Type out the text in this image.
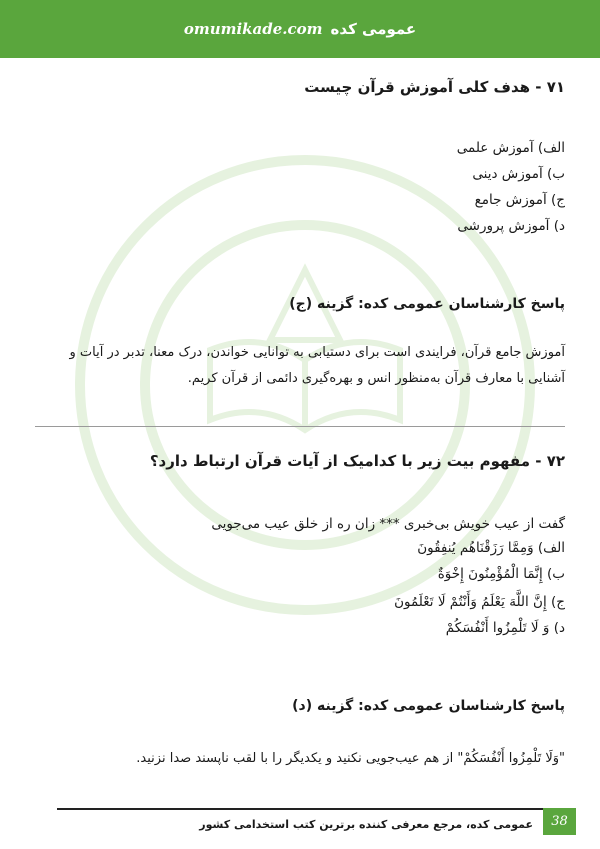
omumikade.com عمومی کده
۷۱ - هدف کلی آموزش قرآن چیست
الف) آموزش علمی
ب) آموزش دینی
ج) آموزش جامع
د) آموزش پرورشی
پاسخ کارشناسان عمومی کده: گزینه (ج)
آموزش جامع قرآن، فرایندی است برای دستیابی به توانایی خواندن، درک معنا، تدبر در آیات و آشنایی با معارف قرآن به‌منظور انس و بهره‌گیری دائمی از قرآن کریم.
۷۲ - مفهوم بیت زیر با کدامیک از آیات قرآن ارتباط دارد؟
گفت از عیب خویش بی‌خبری *** زان ره از خلق عیب می‌جویی
الف) وَمِمَّا رَزَقْنَاهُم یُنفِقُونَ
ب) إِنَّمَا الْمُؤْمِنُونَ إِخْوَةٌ
ج) إِنَّ اللَّهَ یَعْلَمُ وَأَنْتُمْ لَا تَعْلَمُونَ
د) وَ لَا تَلْمِزُوا أَنْفُسَکُمْ
پاسخ کارشناسان عمومی کده: گزینه (د)
"وَلَا تَلْمِزُوا أَنْفُسَکُمْ" از هم عیب‌جویی نکنید و یکدیگر را با لقب ناپسند صدا نزنید.
عمومی کده، مرجع معرفی کننده برترین کتب استخدامی کشور	38
